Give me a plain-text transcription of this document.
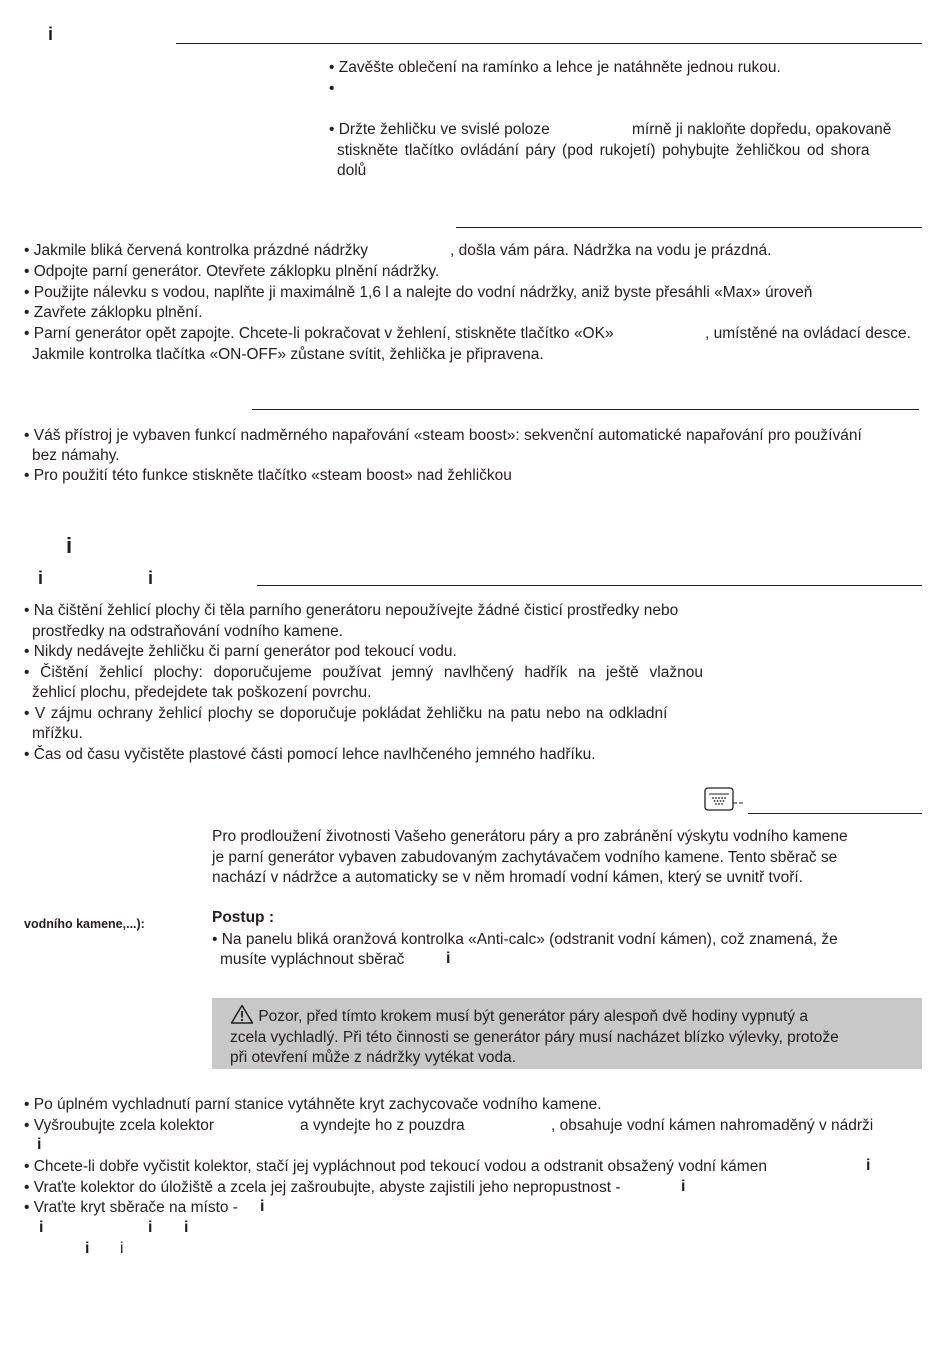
i
• Zavěšte oblečení na ramínko a lehce je natáhněte jednou rukou.
•
• Držte žehličku ve svislé poloze	mírně ji nakloňte dopředu, opakovaně
stiskněte tlačítko ovládání páry (pod rukojetí) pohybujte žehličkou od shora
dolů
• Jakmile bliká červená kontrolka prázdné nádržky	, došla vám pára. Nádržka na vodu je prázdná.
• Odpojte parní generátor. Otevřete záklopku plnění nádržky.
• Použijte nálevku s vodou, naplňte ji maximálně 1,6 l a nalejte do vodní nádržky, aniž byste přesáhli «Max» úroveň
• Zavřete záklopku plnění.
• Parní generátor opět zapojte. Chcete-li pokračovat v žehlení, stiskněte tlačítko «OK»	, umístěné na ovládací desce.
Jakmile kontrolka tlačítka «ON-OFF» zůstane svítit, žehlička je připravena.
• Váš přístroj je vybaven funkcí nadměrného napařování «steam boost»: sekvenční automatické napařování pro používání
bez námahy.
• Pro použití této funkce stiskněte tlačítko «steam boost» nad žehličkou
i
i	i
• Na čištění žehlicí plochy či těla parního generátoru nepoužívejte žádné čisticí prostředky nebo
prostředky na odstraňování vodního kamene.
• Nikdy nedávejte žehličku či parní generátor pod tekoucí vodu.
• Čištění žehlicí plochy: doporučujeme používat jemný navlhčený hadřík na ještě vlažnou
žehlicí plochu, předejdete tak poškození povrchu.
• V zájmu ochrany žehlicí plochy se doporučuje pokládat žehličku na patu nebo na odkladní
mřížku.
• Čas od času vyčistěte plastové části pomocí lehce navlhčeného jemného hadříku.
Pro prodloužení životnosti Vašeho generátoru páry a pro zabránění výskytu vodního kamene
je parní generátor vybaven zabudovaným zachytávačem vodního kamene. Tento sběrač se
nachází v nádržce a automaticky se v něm hromadí vodní kámen, který se uvnitř tvoří.
vodního kamene,...):	Postup :
• Na panelu bliká oranžová kontrolka «Anti-calc» (odstranit vodní kámen), což znamená, že
musíte vypláchnout sběrač	i
Pozor, před tímto krokem musí být generátor páry alespoň dvě hodiny vypnutý a
zcela vychladlý. Při této činnosti se generátor páry musí nacházet blízko výlevky, protože
při otevření může z nádržky vytékat voda.
• Po úplném vychladnutí parní stanice vytáhněte kryt zachycovače vodního kamene.
• Vyšroubujte zcela kolektor	a vyndejte ho z pouzdra	, obsahuje vodní kámen nahromaděný v nádrži
i
• Chcete-li dobře vyčistit kolektor, stačí jej vypláchnout pod tekoucí vodou a odstranit obsažený vodní kámen	i
• Vraťte kolektor do úložiště a zcela jej zašroubujte, abyste zajistili jeho nepropustnost -	i
• Vraťte kryt sběrače na místo - i
i	i i
i i
